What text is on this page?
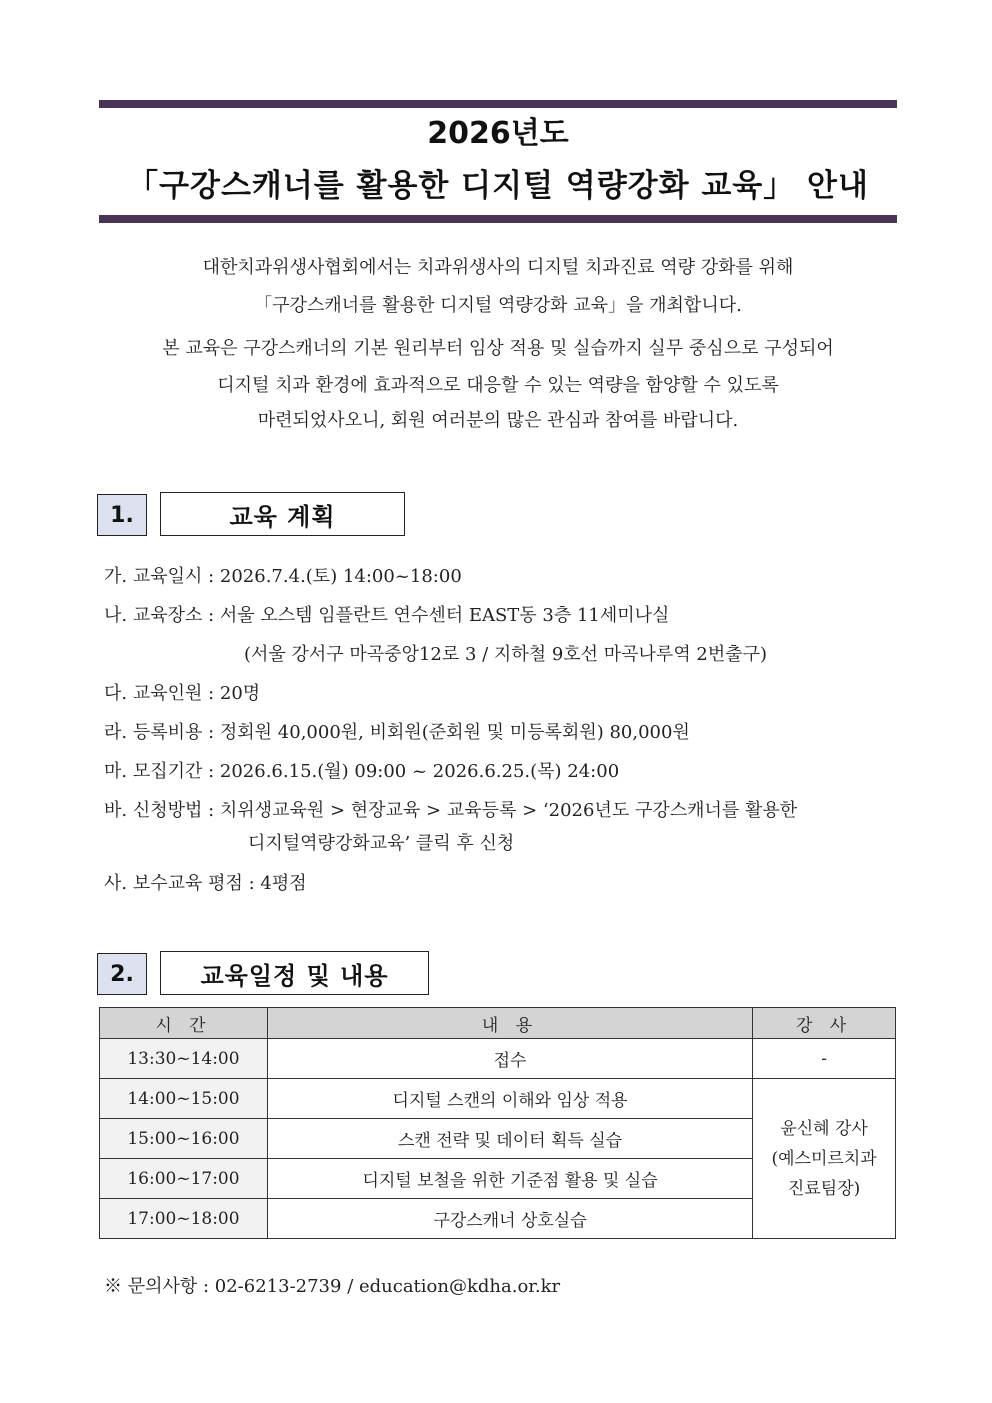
2026년도
「구강스캐너를 활용한 디지털 역량강화 교육」 안내
대한치과위생사협회에서는 치과위생사의 디지털 치과진료 역량 강화를 위해
「구강스캐너를 활용한 디지털 역량강화 교육」을 개최합니다.
본 교육은 구강스캐너의 기본 원리부터 임상 적용 및 실습까지 실무 중심으로 구성되어
디지털 치과 환경에 효과적으로 대응할 수 있는 역량을 함양할 수 있도록
마련되었사오니, 회원 여러분의 많은 관심과 참여를 바랍니다.
1.	교육 계획
가. 교육일시 : 2026.7.4.(토) 14:00~18:00
나. 교육장소 : 서울 오스템 임플란트 연수센터 EAST동 3층 11세미나실
(서울 강서구 마곡중앙12로 3 / 지하철 9호선 마곡나루역 2번출구)
다. 교육인원 : 20명
라. 등록비용 : 정회원 40,000원, 비회원(준회원 및 미등록회원) 80,000원
마. 모집기간 : 2026.6.15.(월) 09:00 ~ 2026.6.25.(목) 24:00
바. 신청방법 : 치위생교육원 > 현장교육 > 교육등록 > ‘2026년도 구강스캐너를 활용한
디지털역량강화교육’ 클릭 후 신청
사. 보수교육 평점 : 4평점
2.	교육일정 및 내용
시 간	내 용	강 사
13:30~14:00	접수	-
14:00~15:00	디지털 스캔의 이해와 임상 적용	윤신혜 강사
(예스미르치과
진료팀장)

15:00~16:00	스캔 전략 및 데이터 획득 실습	
16:00~17:00	디지털 보철을 위한 기준점 활용 및 실습	
17:00~18:00	구강스캐너 상호실습	
※ 문의사항 : 02-6213-2739 / education@kdha.or.kr
